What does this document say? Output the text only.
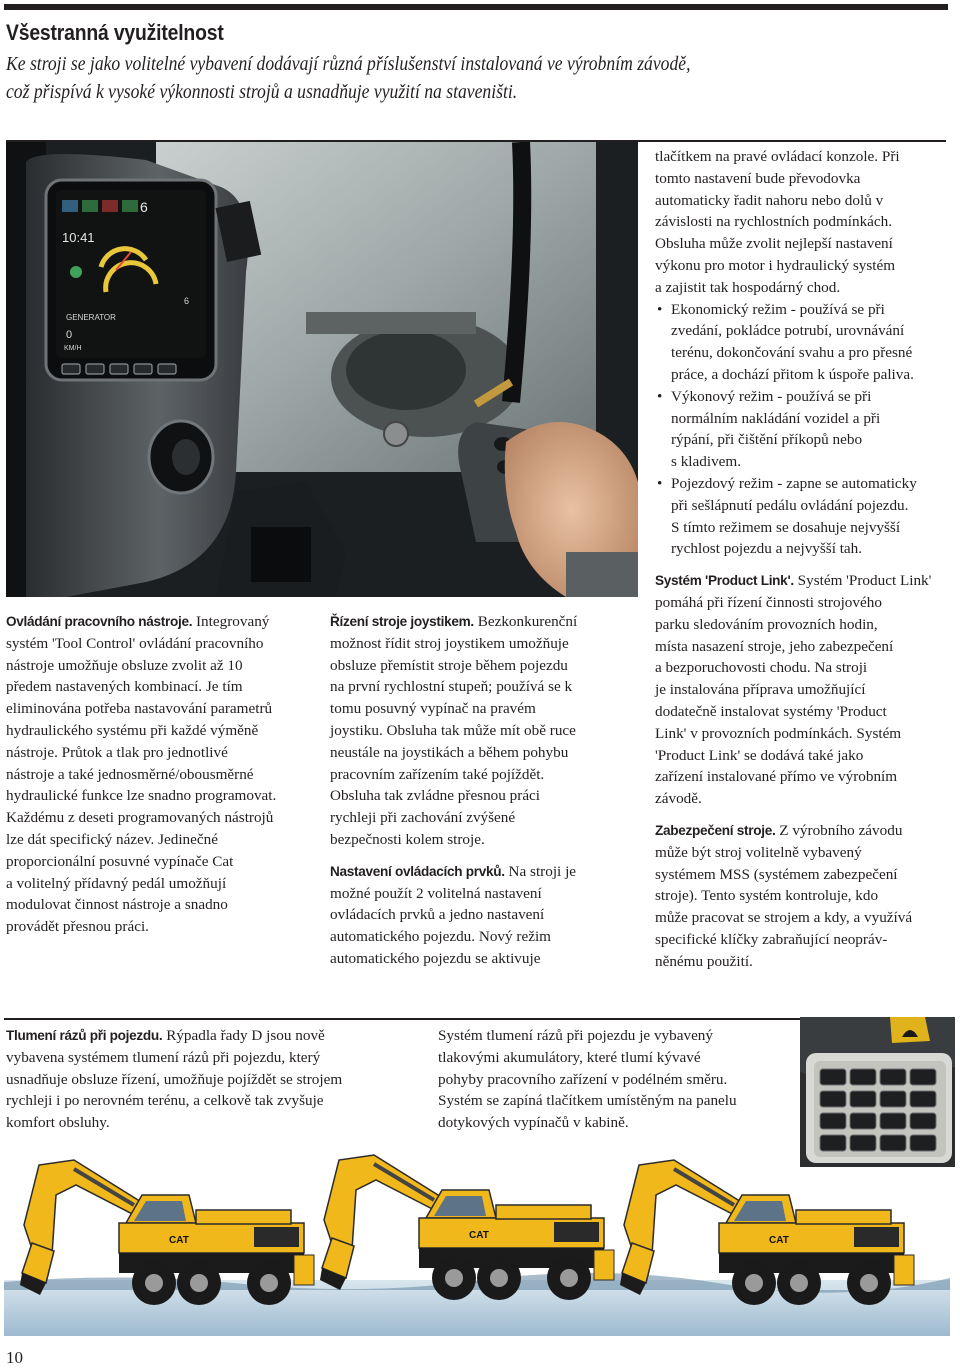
Všestranná využitelnost
Ke stroji se jako volitelné vybavení dodávají různá příslušenství instalovaná ve výrobním závodě,
což přispívá k vysoké výkonnosti strojů a usnadňuje využití na staveništi.
6
10:41
GENERATOR
6
0
KM/H

Ovládání pracovního nástroje. Integrovaný

systém 'Tool Control' ovládání pracovního

nástroje umožňuje obsluze zvolit až 10

předem nastavených kombinací. Je tím

eliminována potřeba nastavování parametrů

hydraulického systému při každé výměně

nástroje. Průtok a tlak pro jednotlivé

nástroje a také jednosměrné/obousměrné

hydraulické funkce lze snadno programovat.

Každému z deseti programovaných nástrojů

lze dát specifický název. Jedinečné

proporcionální posuvné vypínače Cat

a volitelný přídavný pedál umožňují

modulovat činnost nástroje a snadno

provádět přesnou práci.

Řízení stroje joystikem. Bezkonkurenční

možnost řídit stroj joystikem umožňuje

obsluze přemístit stroje během pojezdu

na první rychlostní stupeň; používá se k

tomu posuvný vypínač na pravém

joystiku. Obsluha tak může mít obě ruce

neustále na joystikách a během pohybu

pracovním zařízením také pojíždět.

Obsluha tak zvládne přesnou práci

rychleji při zachování zvýšené

bezpečnosti kolem stroje.

Nastavení ovládacích prvků. Na stroji je

možné použít 2 volitelná nastavení

ovládacích prvků a jedno nastavení

automatického pojezdu. Nový režim

automatického pojezdu se aktivuje

tlačítkem na pravé ovládací konzole. Při

tomto nastavení bude převodovka

automaticky řadit nahoru nebo dolů v

závislosti na rychlostních podmínkách.

Obsluha může zvolit nejlepší nastavení

výkonu pro motor i hydraulický systém

a zajistit tak hospodárný chod.

• Ekonomický režim - používá se při
zvedání, pokládce potrubí, urovnávání
terénu, dokončování svahu a pro přesné
práce, a dochází přitom k úspoře paliva.
• Výkonový režim - používá se při
normálním nakládání vozidel a při
rýpání, při čištění příkopů nebo
s kladivem.
• Pojezdový režim - zapne se automaticky
při sešlápnutí pedálu ovládání pojezdu.
S tímto režimem se dosahuje nejvyšší
rychlost pojezdu a nejvyšší tah.

Systém 'Product Link'. Systém 'Product Link'

pomáhá při řízení činnosti strojového

parku sledováním provozních hodin,

místa nasazení stroje, jeho zabezpečení

a bezporuchovosti chodu. Na stroji

je instalována příprava umožňující

dodatečně instalovat systémy 'Product

Link' v provozních podmínkách. Systém

'Product Link' se dodává také jako

zařízení instalované přímo ve výrobním

závodě.

Zabezpečení stroje. Z výrobního závodu

může být stroj volitelně vybavený

systémem MSS (systémem zabezpečení

stroje). Tento systém kontroluje, kdo

může pracovat se strojem a kdy, a využívá

specifické klíčky zabraňující neopráv-

něnému použití.

Tlumení rázů při pojezdu. Rýpadla řady D jsou nově

vybavena systémem tlumení rázů při pojezdu, který

usnadňuje obsluze řízení, umožňuje pojíždět se strojem

rychleji i po nerovném terénu, a celkově tak zvyšuje

komfort obsluhy.

Systém tlumení rázů při pojezdu je vybavený

tlakovými akumulátory, které tlumí kývavé

pohyby pracovního zařízení v podélném směru.

Systém se zapíná tlačítkem umístěným na panelu

dotykových vypínačů v kabině.

10
